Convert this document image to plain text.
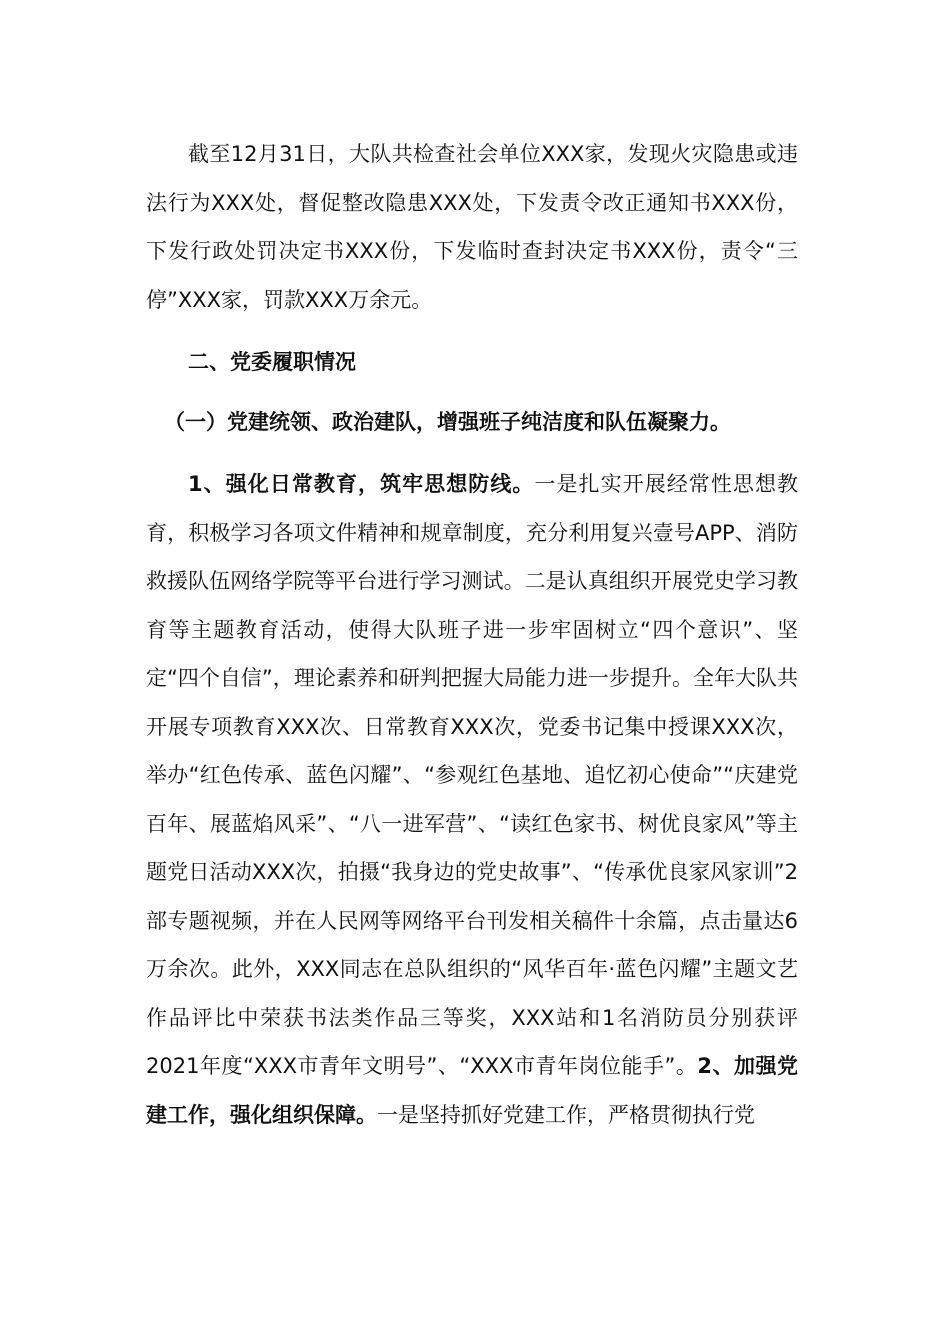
截至12月31日，大队共检查社会单位XXX家，发现火灾隐患或违法行为XXX处，督促整改隐患XXX处，下发责令改正通知书XXX份，下发行政处罚决定书XXX份，下发临时查封决定书XXX份，责令“三停”XXX家，罚款XXX万余元。
二、党委履职情况
（一）党建统领、政治建队，增强班子纯洁度和队伍凝聚力。
1、强化日常教育，筑牢思想防线。一是扎实开展经常性思想教育，积极学习各项文件精神和规章制度，充分利用复兴壹号APP、消防救援队伍网络学院等平台进行学习测试。二是认真组织开展党史学习教育等主题教育活动，使得大队班子进一步牢固树立“四个意识”、坚定“四个自信”，理论素养和研判把握大局能力进一步提升。全年大队共开展专项教育XXX次、日常教育XXX次，党委书记集中授课XXX次，举办“红色传承、蓝色闪耀”、“参观红色基地、追忆初心使命”“庆建党百年、展蓝焰风采”、“八一进军营”、“读红色家书、树优良家风”等主题党日活动XXX次，拍摄“我身边的党史故事”、“传承优良家风家训”2部专题视频，并在人民网等网络平台刊发相关稿件十余篇，点击量达6万余次。此外，XXX同志在总队组织的“风华百年·蓝色闪耀”主题文艺作品评比中荣获书法类作品三等奖，XXX站和1名消防员分别获评2021年度“XXX市青年文明号”、“XXX市青年岗位能手”。2、加强党建工作，强化组织保障。一是坚持抓好党建工作，严格贯彻执行党
